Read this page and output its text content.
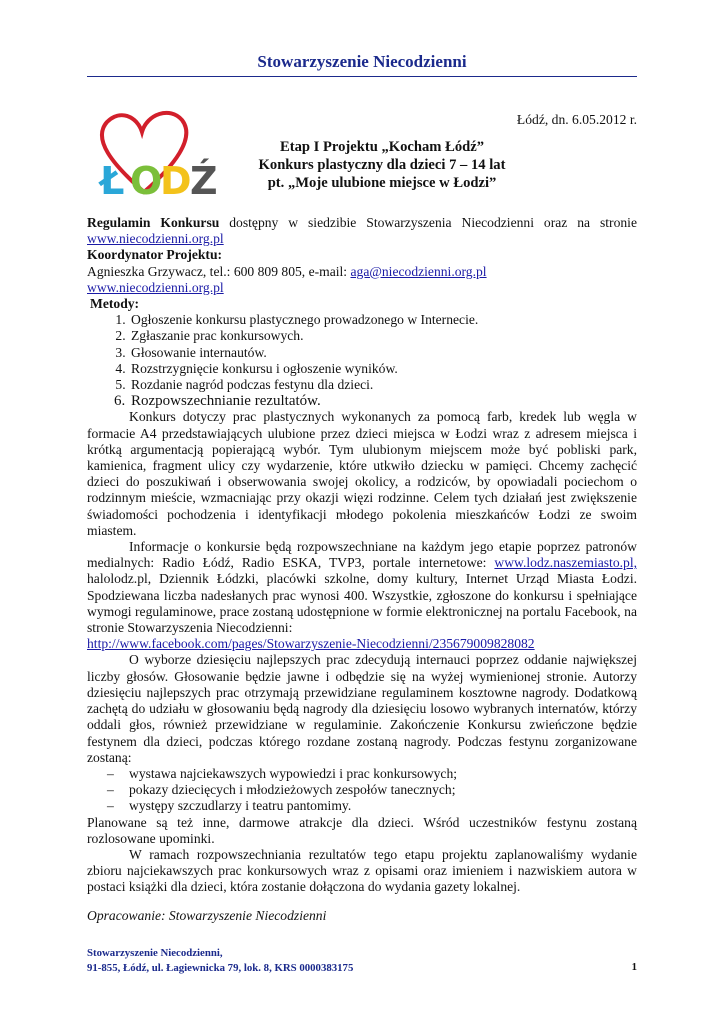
Stowarzyszenie Niecodzienni
Łódź, dn. 6.05.2012 r.
Ł O
D
Ź
Etap I Projektu „Kocham Łódź”
Konkurs plastyczny dla dzieci 7 – 14 lat
pt. „Moje ulubione miejsce w Łodzi”

Regulamin Konkursu dostępny w siedzibie Stowarzyszenia Niecodzienni oraz na stronie www.niecodzienni.org.pl

Koordynator Projektu:

Agnieszka Grzywacz, tel.: 600 809 805, e-mail: aga@niecodzienni.org.pl

www.niecodzienni.org.pl

Metody:

1. Ogłoszenie konkursu plastycznego prowadzonego w Internecie.
2. Zgłaszanie prac konkursowych.
3. Głosowanie internautów.
4. Rozstrzygnięcie konkursu i ogłoszenie wyników.
5. Rozdanie nagród podczas festynu dla dzieci.
6. Rozpowszechnianie rezultatów.

Konkurs dotyczy prac plastycznych wykonanych za pomocą farb, kredek lub węgla w formacie A4 przedstawiających ulubione przez dzieci miejsca w Łodzi wraz z adresem miejsca i krótką argumentacją popierającą wybór. Tym ulubionym miejscem może być pobliski park, kamienica, fragment ulicy czy wydarzenie, które utkwiło dziecku w pamięci. Chcemy zachęcić dzieci do poszukiwań i obserwowania swojej okolicy, a rodziców, by opowiadali pociechom o rodzinnym mieście, wzmacniając przy okazji więzi rodzinne. Celem tych działań jest zwiększenie świadomości pochodzenia i identyfikacji młodego pokolenia mieszkańców Łodzi ze swoim miastem.

Informacje o konkursie będą rozpowszechniane na każdym jego etapie poprzez patronów medialnych: Radio Łódź, Radio ESKA, TVP3, portale internetowe: www.lodz.naszemiasto.pl, halolodz.pl, Dziennik Łódzki, placówki szkolne, domy kultury, Internet Urząd Miasta Łodzi. Spodziewana liczba nadesłanych prac wynosi 400. Wszystkie, zgłoszone do konkursu i spełniające wymogi regulaminowe, prace zostaną udostępnione w formie elektronicznej na portalu Facebook, na stronie Stowarzyszenia Niecodzienni:

http://www.facebook.com/pages/Stowarzyszenie-Niecodzienni/235679009828082

O wyborze dziesięciu najlepszych prac zdecydują internauci poprzez oddanie największej liczby głosów. Głosowanie będzie jawne i odbędzie się na wyżej wymienionej stronie. Autorzy dziesięciu najlepszych prac otrzymają przewidziane regulaminem kosztowne nagrody. Dodatkową zachętą do udziału w głosowaniu będą nagrody dla dziesięciu losowo wybranych internatów, którzy oddali głos, również przewidziane w regulaminie. Zakończenie Konkursu zwieńczone będzie festynem dla dzieci, podczas którego rozdane zostaną nagrody. Podczas festynu zorganizowane zostaną:

– wystawa najciekawszych wypowiedzi i prac konkursowych;
– pokazy dziecięcych i młodzieżowych zespołów tanecznych;
– występy szczudlarzy i teatru pantomimy.

Planowane są też inne, darmowe atrakcje dla dzieci. Wśród uczestników festynu zostaną rozlosowane upominki.

W ramach rozpowszechniania rezultatów tego etapu projektu zaplanowaliśmy wydanie zbioru najciekawszych prac konkursowych wraz z opisami oraz imieniem i nazwiskiem autora w postaci książki dla dzieci, która zostanie dołączona do wydania gazety lokalnej.

Opracowanie: Stowarzyszenie Niecodzienni

Stowarzyszenie Niecodzienni,
91-855, Łódź, ul. Łagiewnicka 79, lok. 8, KRS 0000383175	1
